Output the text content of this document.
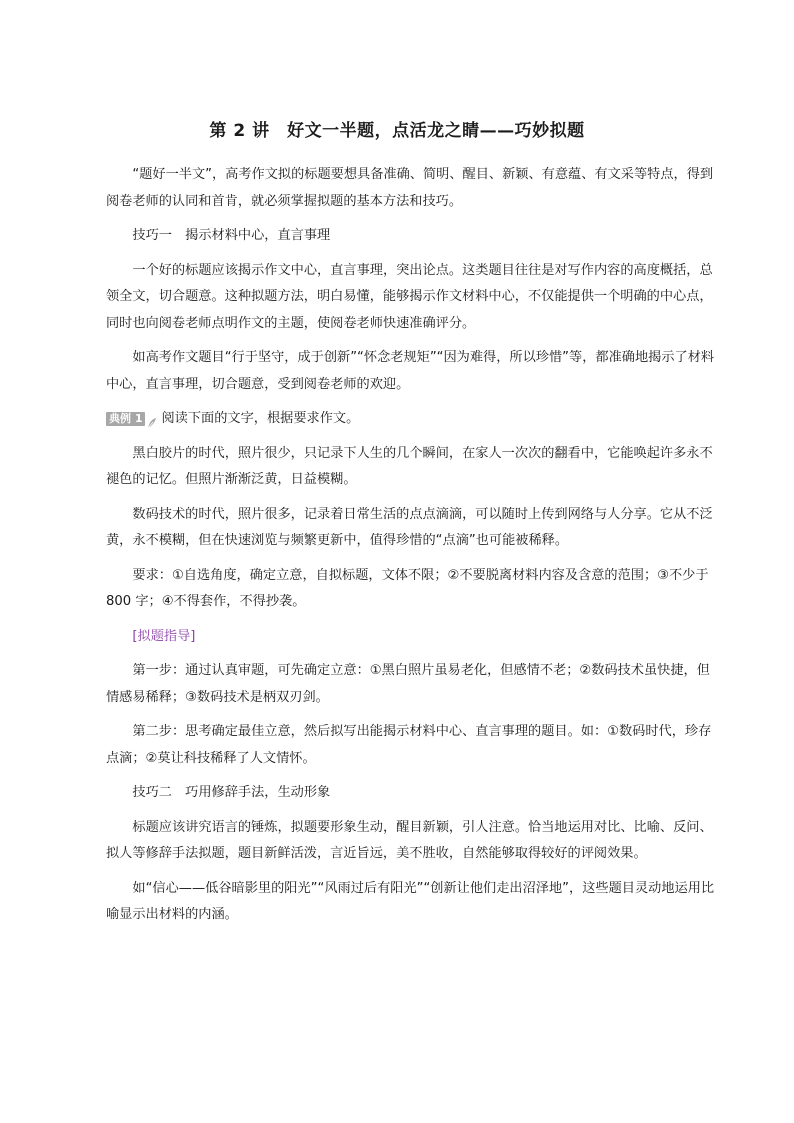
第 2 讲　好文一半题，点活龙之睛——巧妙拟题

“题好一半文”，高考作文拟的标题要想具备准确、简明、醒目、新颖、有意蕴、有文采等特点，得到阅卷老师的认同和首肯，就必须掌握拟题的基本方法和技巧。

技巧一　揭示材料中心，直言事理

一个好的标题应该揭示作文中心，直言事理，突出论点。这类题目往往是对写作内容的高度概括，总领全文，切合题意。这种拟题方法，明白易懂，能够揭示作文材料中心，不仅能提供一个明确的中心点，同时也向阅卷老师点明作文的主题，使阅卷老师快速准确评分。

如高考作文题目“行于坚守，成于创新”“怀念老规矩”“因为难得，所以珍惜”等，都准确地揭示了材料中心，直言事理，切合题意，受到阅卷老师的欢迎。

典例 1 阅读下面的文字，根据要求作文。

黑白胶片的时代，照片很少，只记录下人生的几个瞬间，在家人一次次的翻看中，它能唤起许多永不褪色的记忆。但照片渐渐泛黄，日益模糊。

数码技术的时代，照片很多，记录着日常生活的点点滴滴，可以随时上传到网络与人分享。它从不泛黄，永不模糊，但在快速浏览与频繁更新中，值得珍惜的“点滴”也可能被稀释。

要求：①自选角度，确定立意，自拟标题，文体不限；②不要脱离材料内容及含意的范围；③不少于800 字；④不得套作，不得抄袭。

[拟题指导]

第一步：通过认真审题，可先确定立意：①黑白照片虽易老化，但感情不老；②数码技术虽快捷，但情感易稀释；③数码技术是柄双刃剑。

第二步：思考确定最佳立意，然后拟写出能揭示材料中心、直言事理的题目。如：①数码时代，珍存点滴；②莫让科技稀释了人文情怀。

技巧二　巧用修辞手法，生动形象

标题应该讲究语言的锤炼，拟题要形象生动，醒目新颖，引人注意。恰当地运用对比、比喻、反问、拟人等修辞手法拟题，题目新鲜活泼，言近旨远，美不胜收，自然能够取得较好的评阅效果。

如“信心——低谷暗影里的阳光”“风雨过后有阳光”“创新让他们走出沼泽地”，这些题目灵动地运用比喻显示出材料的内涵。
